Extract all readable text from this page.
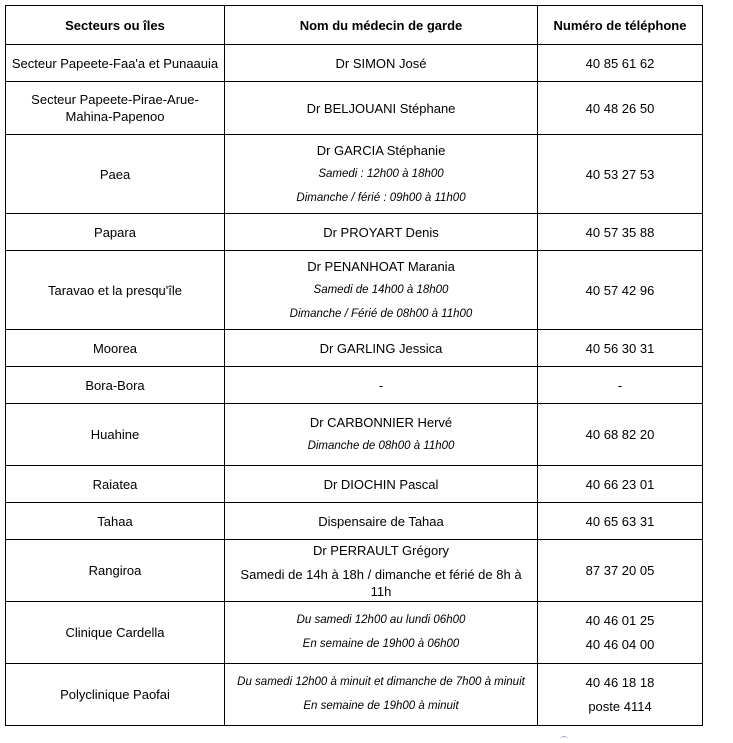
Secteurs ou îles	Nom du médecin de garde	Numéro de téléphone
Secteur Papeete-Faa'a et Punaauia	Dr SIMON José	40 85 61 62

Secteur Papeete-Pirae-Arue-Mahina-Papenoo	Dr BELJOUANI Stéphane	40 48 26 50

Paea	Dr GARCIA Stéphanie
Samedi : 12h00 à 18h00
Dimanche / férié : 09h00 à 11h00	40 53 27 53

Papara	Dr PROYART Denis	40 57 35 88

Taravao et la presqu'île	Dr PENANHOAT Marania
Samedi de 14h00 à 18h00
Dimanche / Férié de 08h00 à 11h00	40 57 42 96

Moorea	Dr GARLING Jessica	40 56 30 31

Bora-Bora	-	-

Huahine	Dr CARBONNIER Hervé
Dimanche de 08h00 à 11h00	40 68 82 20

Raiatea	Dr DIOCHIN Pascal	40 66 23 01

Tahaa	Dispensaire de Tahaa	40 65 63 31

Rangiroa	Dr PERRAULT Grégory
Samedi de 14h à 18h / dimanche et férié de 8h à 11h	87 37 20 05

Clinique Cardella	Du samedi 12h00 au lundi 06h00
En semaine de 19h00 à 06h00	40 46 01 25
40 46 04 00

Polyclinique Paofai	Du samedi 12h00 à minuit et dimanche de 7h00 à minuit
En semaine de 19h00 à minuit	40 46 18 18
poste 4114
